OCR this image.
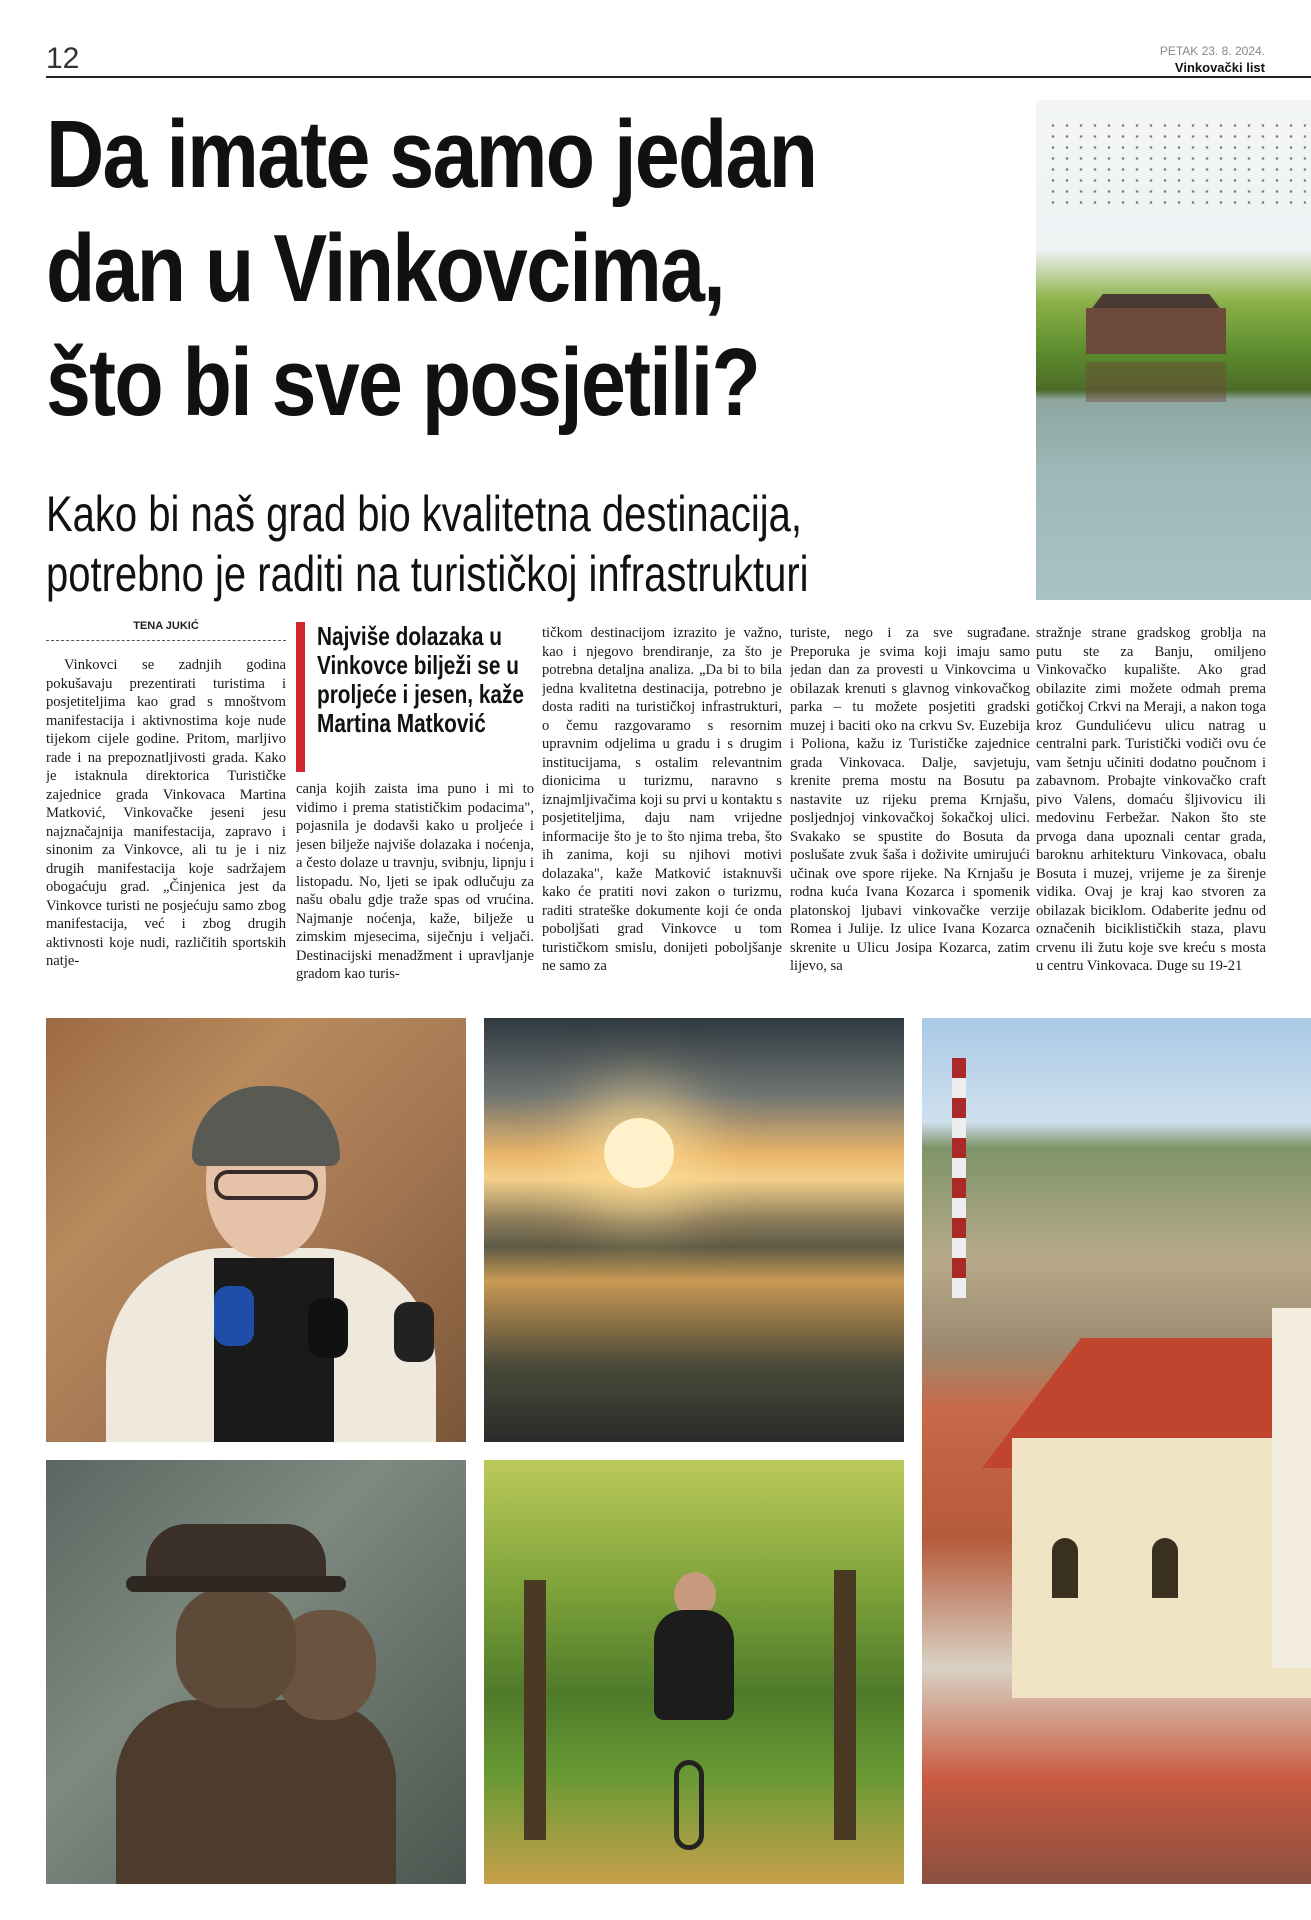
12	PETAK 23. 8. 2024.
Vinkovački list
Da imate samo jedan
dan u Vinkovcima,
što bi sve posjetili?
Kako bi naš grad bio kvalitetna destinacija,
potrebno je raditi na turističkoj infrastrukturi
TENA JUKIĆ	Najviše dolazaka u Vinkovce bilježi se u proljeće i jesen, kaže Martina Matković

Vinkovci se zadnjih godina pokušavaju prezentirati turistima i posjetiteljima kao grad s mnoštvom manifestacija i aktivnostima koje nude tijekom cijele godine. Pritom, marljivo rade i na prepoznatljivosti grada. Kako je istaknula direktorica Turističke zajednice grada Vinkovaca Martina Matković, Vinkovačke jeseni jesu najznačajnija manifestacija, zapravo i sinonim za Vinkovce, ali tu je i niz drugih manifestacija koje sadržajem obogaćuju grad. „Činjenica jest da Vinkovce turisti ne posjećuju samo zbog manifestacija, već i zbog drugih aktivnosti koje nudi, različitih sportskih natje-

canja kojih zaista ima puno i mi to vidimo i prema statističkim podacima", pojasnila je dodavši kako u proljeće i jesen bilježe najviše dolazaka i noćenja, a često dolaze u travnju, svibnju, lipnju i listopadu. No, ljeti se ipak odlučuju za našu obalu gdje traže spas od vrućina. Najmanje noćenja, kaže, bilježe u zimskim mjesecima, siječnju i veljači. Destinacijski menadžment i upravljanje gradom kao turis-

tičkom destinacijom izrazito je važno, kao i njegovo brendiranje, za što je potrebna detaljna analiza. „Da bi to bila jedna kvalitetna destinacija, potrebno je dosta raditi na turističkoj infrastrukturi, o čemu razgovaramo s resornim upravnim odjelima u gradu i s drugim institucijama, s ostalim relevantnim dionicima u turizmu, naravno s iznajmljivačima koji su prvi u kontaktu s posjetiteljima, daju nam vrijedne informacije što je to što njima treba, što ih zanima, koji su njihovi motivi dolazaka", kaže Matković istaknuvši kako će pratiti novi zakon o turizmu, raditi strateške dokumente koji će onda poboljšati grad Vinkovce u tom turističkom smislu, donijeti poboljšanje ne samo za

turiste, nego i za sve sugrađane. Preporuka je svima koji imaju samo jedan dan za provesti u Vinkovcima u obilazak krenuti s glavnog vinkovačkog parka – tu možete posjetiti gradski muzej i baciti oko na crkvu Sv. Euzebija i Poliona, kažu iz Turističke zajednice grada Vinkovaca. Dalje, savjetuju, krenite prema mostu na Bosutu pa nastavite uz rijeku prema Krnjašu, posljednjoj vinkovačkoj šokačkoj ulici. Svakako se spustite do Bosuta da poslušate zvuk šaša i doživite umirujući učinak ove spore rijeke. Na Krnjašu je rodna kuća Ivana Kozarca i spomenik platonskoj ljubavi vinkovačke verzije Romea i Julije. Iz ulice Ivana Kozarca skrenite u Ulicu Josipa Kozarca, zatim lijevo, sa

stražnje strane gradskog groblja na putu ste za Banju, omiljeno Vinkovačko kupalište. Ako grad obilazite zimi možete odmah prema gotičkoj Crkvi na Meraji, a nakon toga kroz Gundulićevu ulicu natrag u centralni park. Turistički vodiči ovu će vam šetnju učiniti dodatno poučnom i zabavnom. Probajte vinkovačko craft pivo Valens, domaću šljivovicu ili medovinu Ferbežar. Nakon što ste prvoga dana upoznali centar grada, baroknu arhitekturu Vinkovaca, obalu Bosuta i muzej, vrijeme je za širenje vidika. Ovaj je kraj kao stvoren za obilazak biciklom. Odaberite jednu od označenih biciklističkih staza, plavu crvenu ili žutu koje sve kreću s mosta u centru Vinkovaca. Duge su 19-21
